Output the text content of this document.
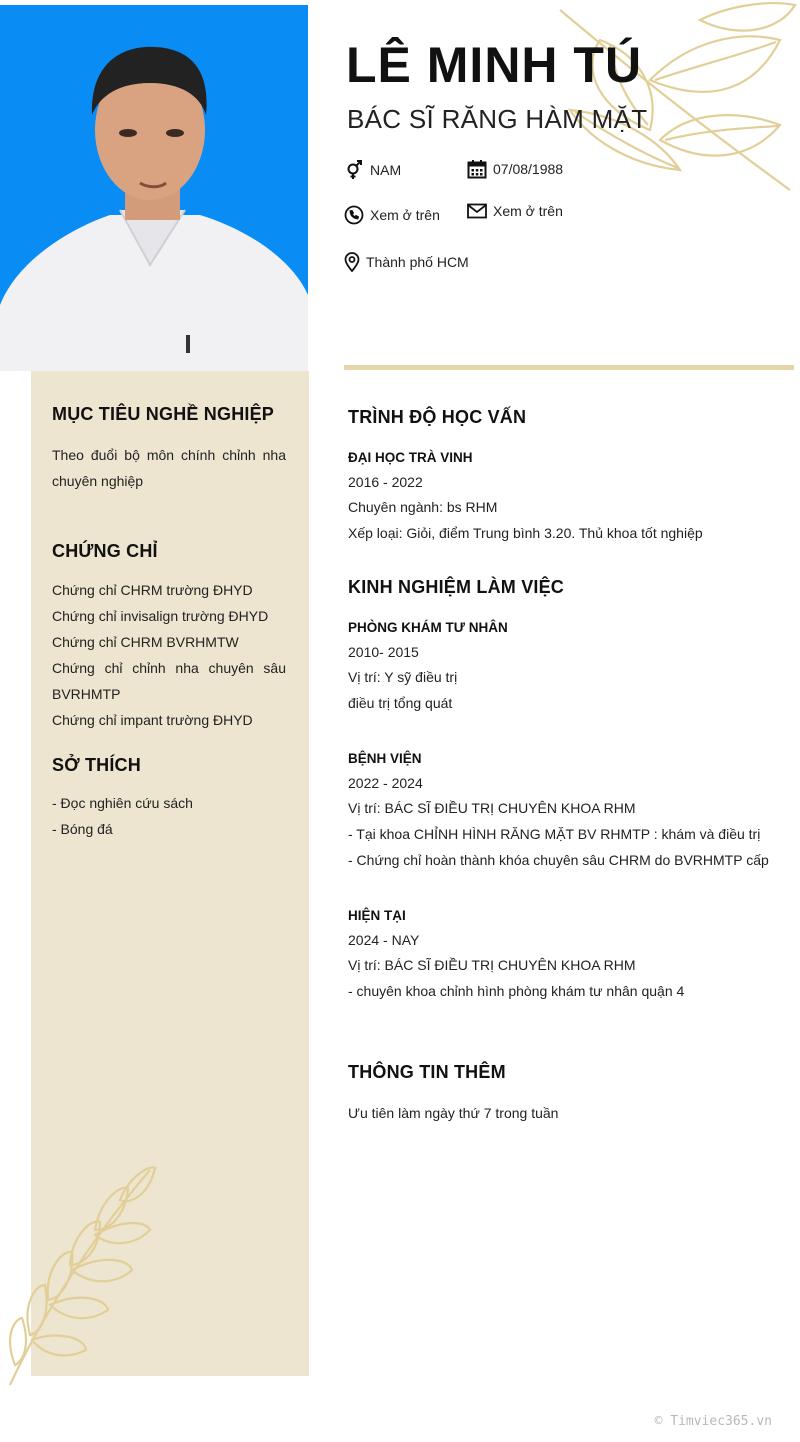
LÊ MINH TÚ
BÁC SĨ RĂNG HÀM MẶT
NAM	07/08/1988
Xem ở trên	Xem ở trên
Thành phố HCM
MỤC TIÊU NGHỀ NGHIỆP
Theo đuổi bộ môn chính chỉnh nha chuyên nghiệp
CHỨNG CHỈ
Chứng chỉ CHRM trường ĐHYD
Chứng chỉ invisalign trường ĐHYD
Chứng chỉ CHRM BVRHMTW
Chứng chỉ chỉnh nha chuyên sâu BVRHMTP
Chứng chỉ impant trường ĐHYD
SỞ THÍCH
- Đọc nghiên cứu sách
- Bóng đá
TRÌNH ĐỘ HỌC VẤN
ĐẠI HỌC TRÀ VINH
2016 - 2022
Chuyên ngành: bs RHM
Xếp loại: Giỏi, điểm Trung bình 3.20. Thủ khoa tốt nghiệp
KINH NGHIỆM LÀM VIỆC
PHÒNG KHÁM TƯ NHÂN
2010- 2015
Vị trí: Y sỹ điều trị
điều trị tổng quát
BỆNH VIỆN
2022 - 2024
Vị trí: BÁC SĨ ĐIỀU TRỊ CHUYÊN KHOA RHM
- Tại khoa CHỈNH HÌNH RĂNG MẶT BV RHMTP : khám và điều trị
- Chứng chỉ hoàn thành khóa chuyên sâu CHRM do BVRHMTP cấp
HIỆN TẠI
2024 - NAY
Vị trí: BÁC SĨ ĐIỀU TRỊ CHUYÊN KHOA RHM
- chuyên khoa chỉnh hình phòng khám tư nhân quận 4
THÔNG TIN THÊM
Ưu tiên làm ngày thứ 7 trong tuần
© Timviec365.vn
